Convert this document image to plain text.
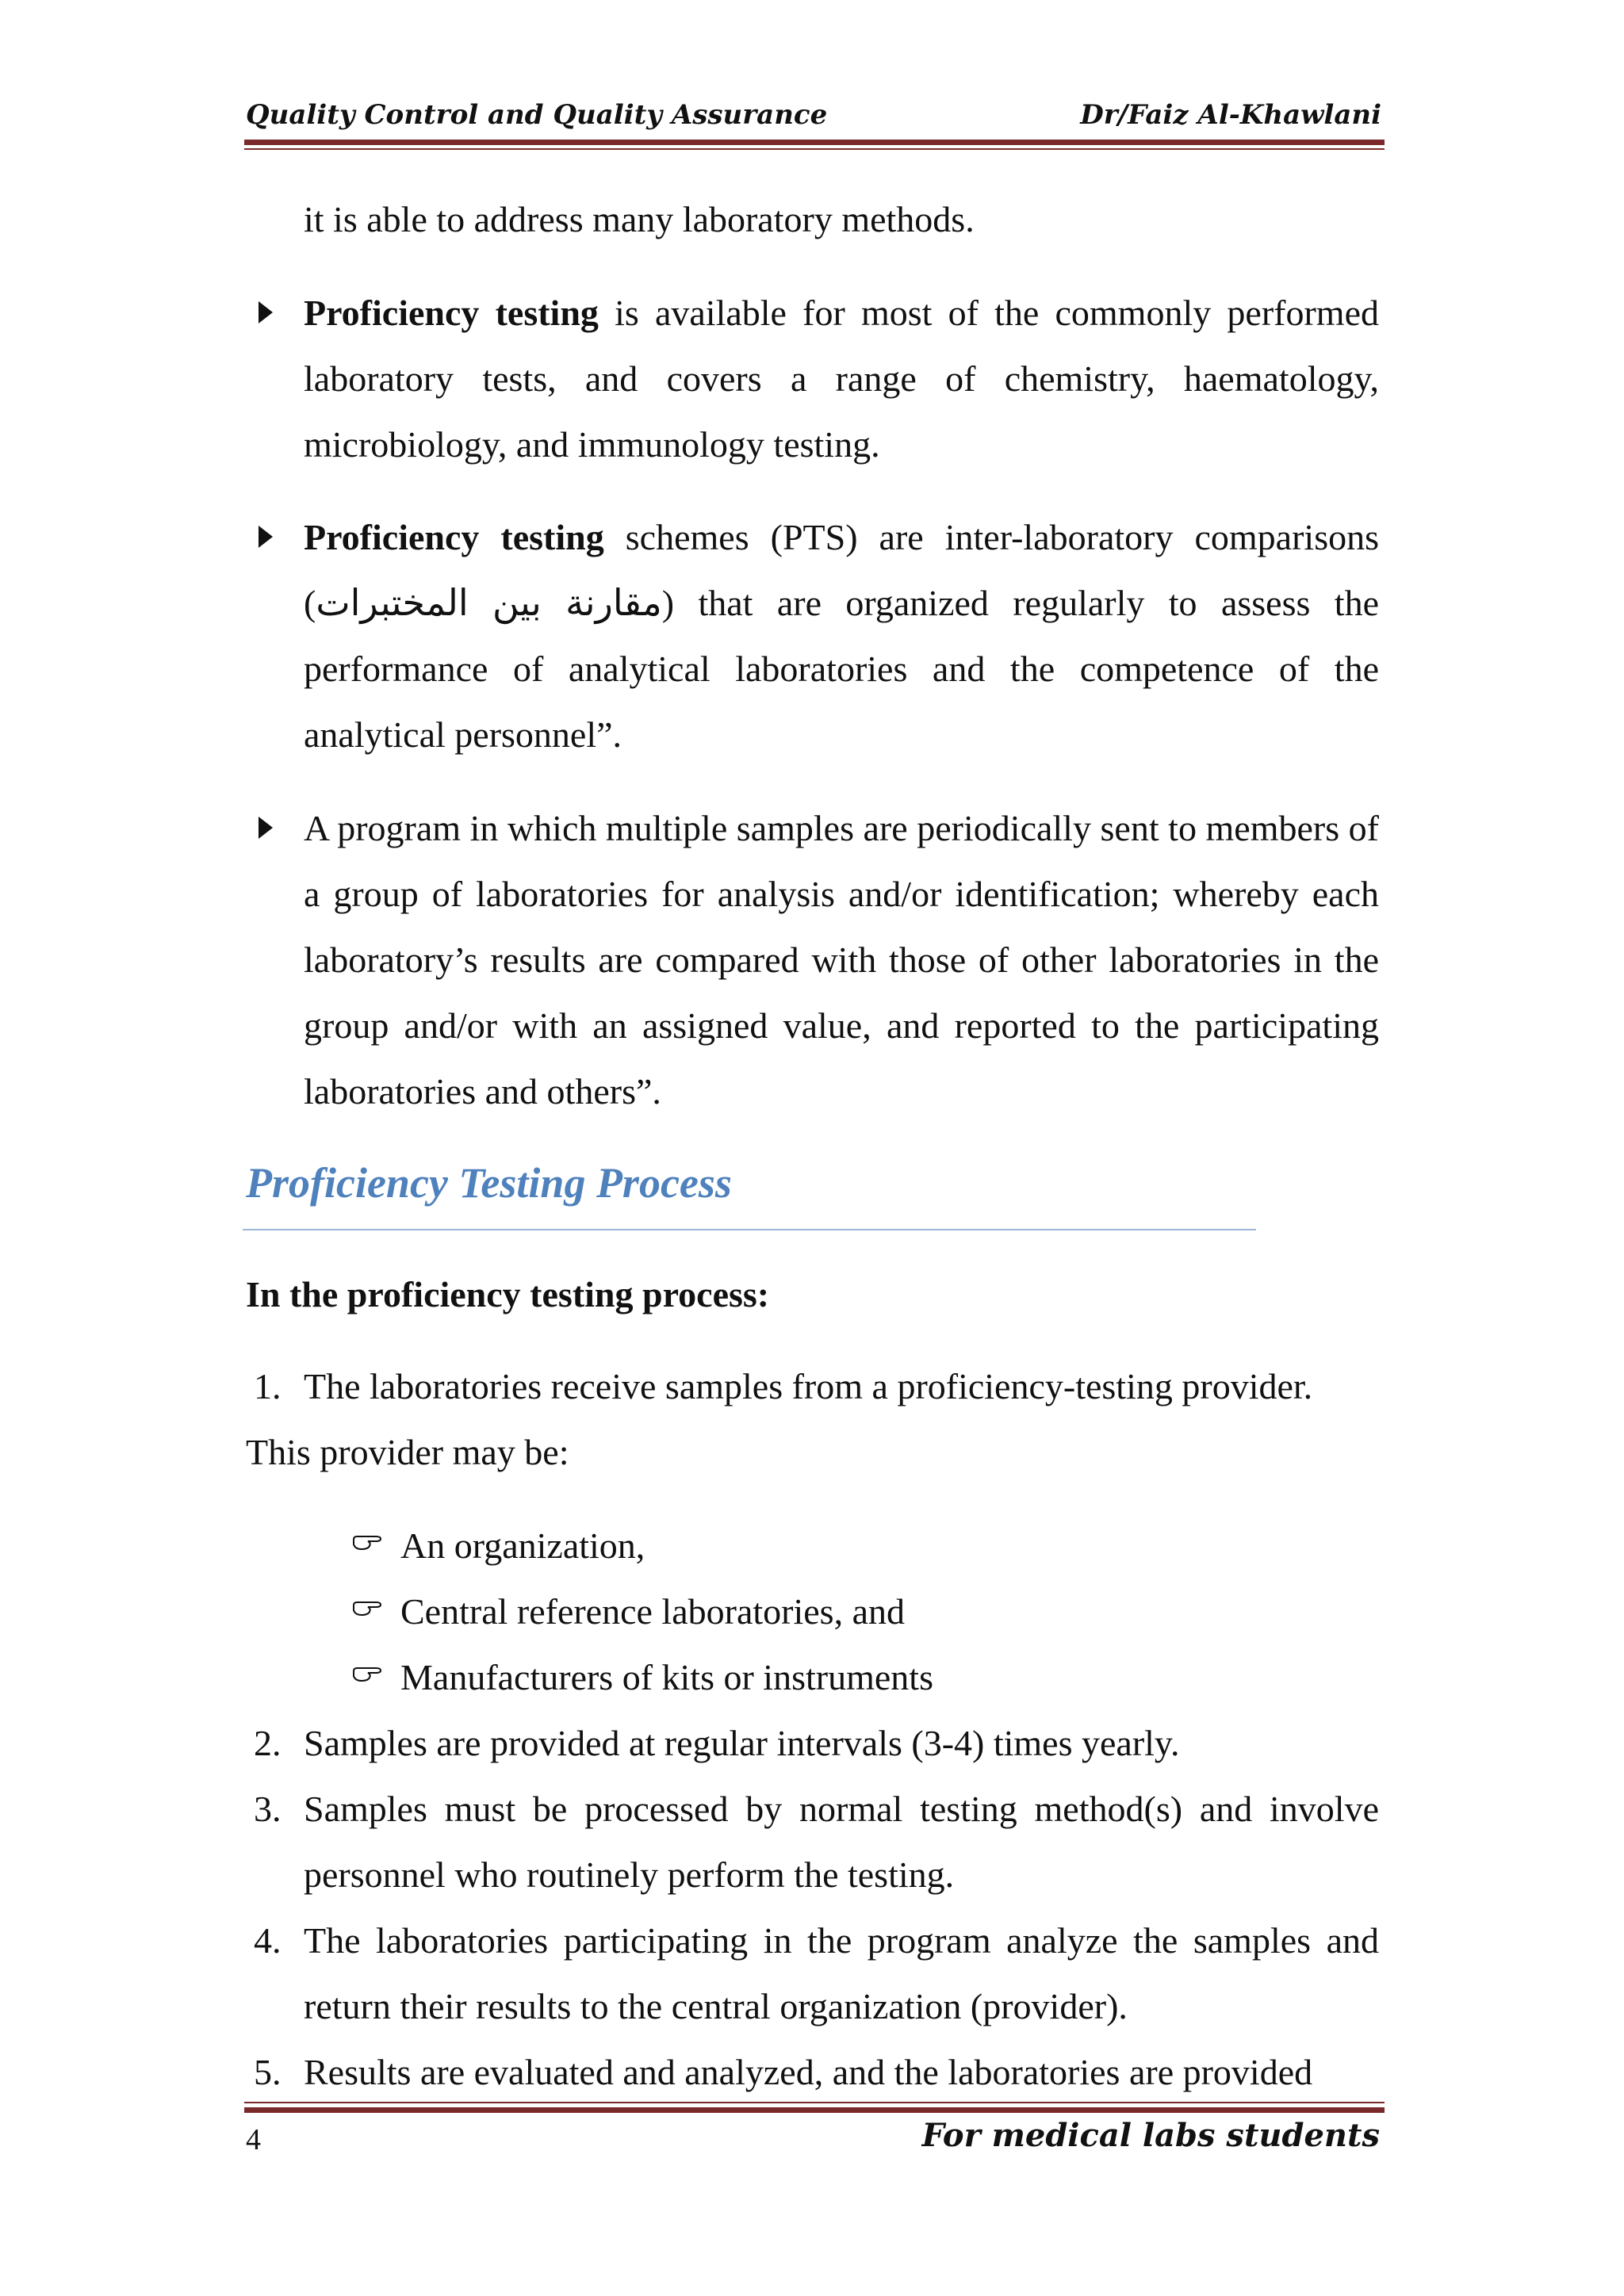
Quality Control and Quality Assurance	Dr/Faiz Al-Khawlani
it is able to address many laboratory methods.
Proficiency testing is available for most of the commonly performed laboratory tests, and covers a range of chemistry, haematology, microbiology, and immunology testing.
Proficiency testing schemes (PTS) are inter-laboratory comparisons (مقارنة بين المختبرات) that are organized regularly to assess the performance of analytical laboratories and the competence of the analytical personnel”.
A program in which multiple samples are periodically sent to members of a group of laboratories for analysis and/or identification; whereby each laboratory’s results are compared with those of other laboratories in the group and/or with an assigned value, and reported to the participating laboratories and others”.
Proficiency Testing Process
In the proficiency testing process:
1. The laboratories receive samples from a proficiency-testing provider.
This provider may be:
An organization,
Central reference laboratories, and
Manufacturers of kits or instruments
2. Samples are provided at regular intervals (3-4) times yearly.
3. Samples must be processed by normal testing method(s) and involve personnel who routinely perform the testing.
4. The laboratories participating in the program analyze the samples and return their results to the central organization (provider).
5. Results are evaluated and analyzed, and the laboratories are provided
4	For medical labs students
